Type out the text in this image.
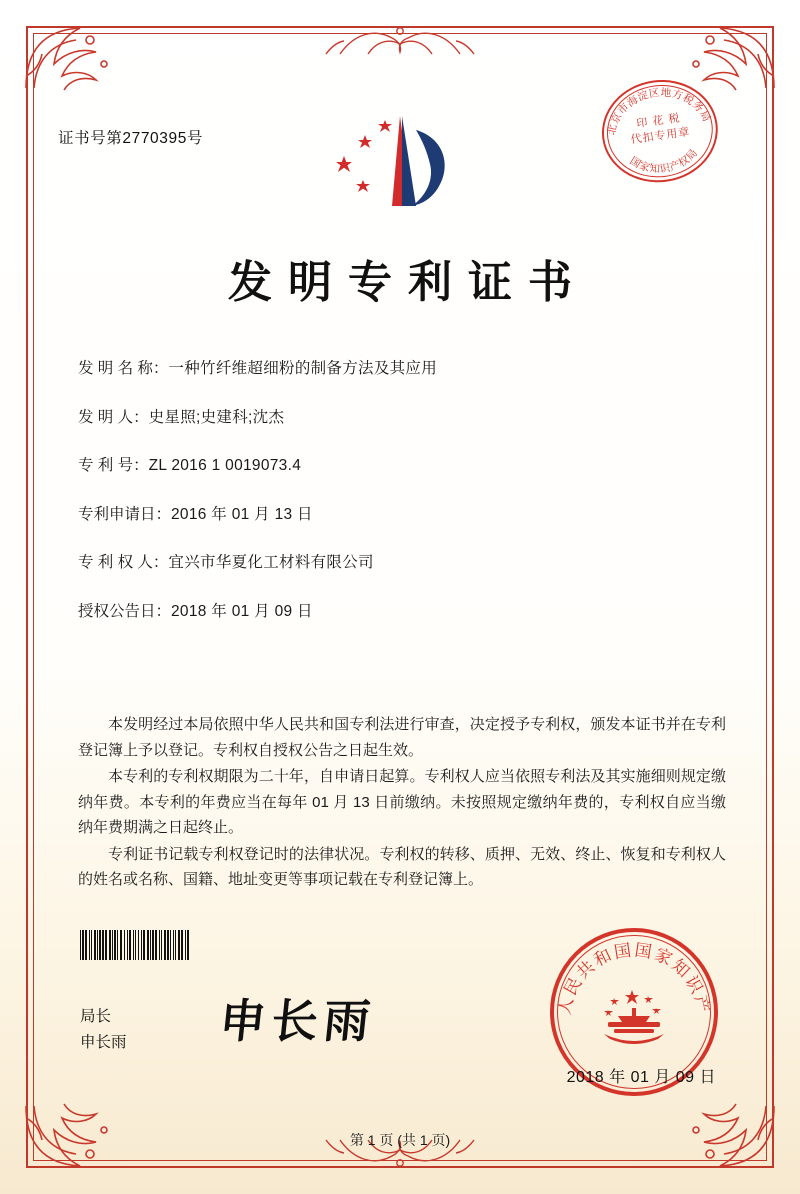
证书号第2770395号
北京市海淀区地方税务局
国家知识产权局
印 花 税
代扣专用章
发明专利证书
发 明 名 称： 一种竹纤维超细粉的制备方法及其应用
发 明 人： 史星照;史建科;沈杰
专 利 号： ZL 2016 1 0019073.4
专利申请日： 2016 年 01 月 13 日
专 利 权 人： 宜兴市华夏化工材料有限公司
授权公告日： 2018 年 01 月 09 日

本发明经过本局依照中华人民共和国专利法进行审查，决定授予专利权，颁发本证书并在专利登记簿上予以登记。专利权自授权公告之日起生效。

本专利的专利权期限为二十年，自申请日起算。专利权人应当依照专利法及其实施细则规定缴纳年费。本专利的年费应当在每年 01 月 13 日前缴纳。未按照规定缴纳年费的，专利权自应当缴纳年费期满之日起终止。

专利证书记载专利权登记时的法律状况。专利权的转移、质押、无效、终止、恢复和专利权人的姓名或名称、国籍、地址变更等事项记载在专利登记簿上。

局长
申长雨 申长雨
中华人民共和国国家知识产权局
2018 年 01 月 09 日
第 1 页 (共 1 页)
